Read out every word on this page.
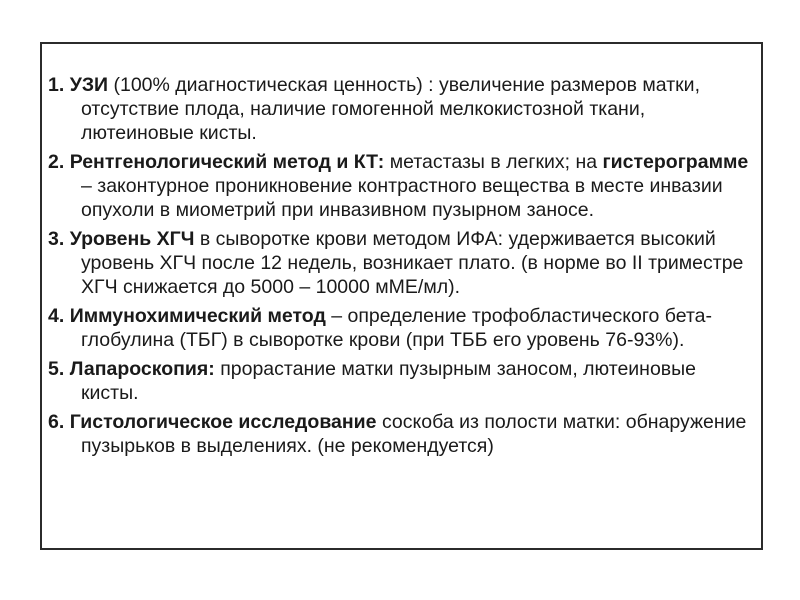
1. УЗИ (100% диагностическая ценность) : увеличение размеров матки, отсутствие плода, наличие гомогенной мелкокистозной ткани, лютеиновые кисты.
2. Рентгенологический метод и КТ: метастазы в легких; на гистерограмме – законтурное проникновение контрастного вещества в месте инвазии опухоли в миометрий при инвазивном пузырном заносе.
3. Уровень ХГЧ в сыворотке крови методом ИФА: удерживается высокий уровень ХГЧ после 12 недель, возникает плато. (в норме во II триместре ХГЧ снижается до 5000 – 10000 мМЕ/мл).
4. Иммунохимический метод – определение трофобластического бета-глобулина (ТБГ) в сыворотке крови (при ТББ его уровень 76-93%).
5. Лапароскопия: прорастание матки пузырным заносом, лютеиновые кисты.
6. Гистологическое исследование соскоба из полости матки: обнаружение пузырьков в выделениях. (не рекомендуется)
